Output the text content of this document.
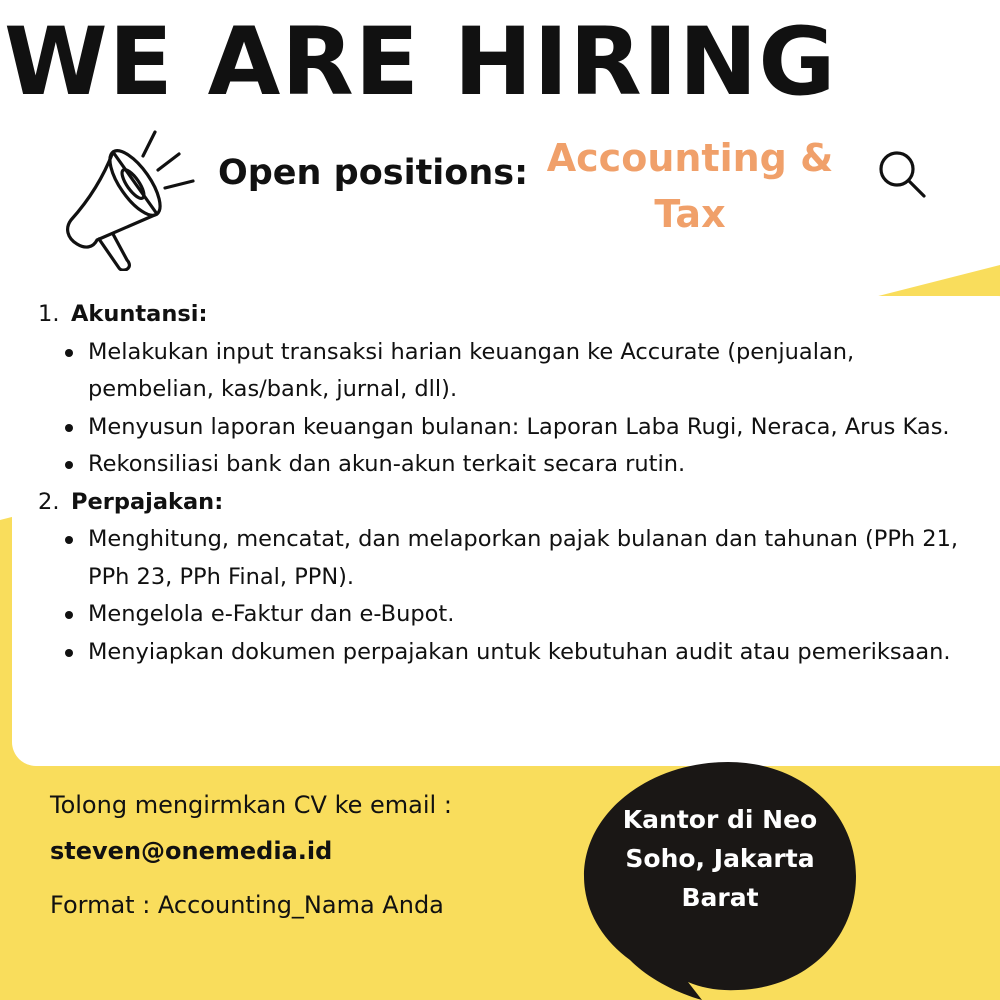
WE ARE HIRING
Open positions: Accounting &
Tax
1. Akuntansi:
Melakukan input transaksi harian keuangan ke Accurate (penjualan, pembelian, kas/bank, jurnal, dll).
Menyusun laporan keuangan bulanan: Laporan Laba Rugi, Neraca, Arus Kas.
Rekonsiliasi bank dan akun-akun terkait secara rutin.
2. Perpajakan:
Menghitung, mencatat, dan melaporkan pajak bulanan dan tahunan (PPh 21, PPh 23, PPh Final, PPN).
Mengelola e-Faktur dan e-Bupot.
Menyiapkan dokumen perpajakan untuk kebutuhan audit atau pemeriksaan.
Tolong mengirmkan CV ke email :
steven@onemedia.id
Format : Accounting_Nama Anda
Kantor di Neo
Soho, Jakarta
Barat
